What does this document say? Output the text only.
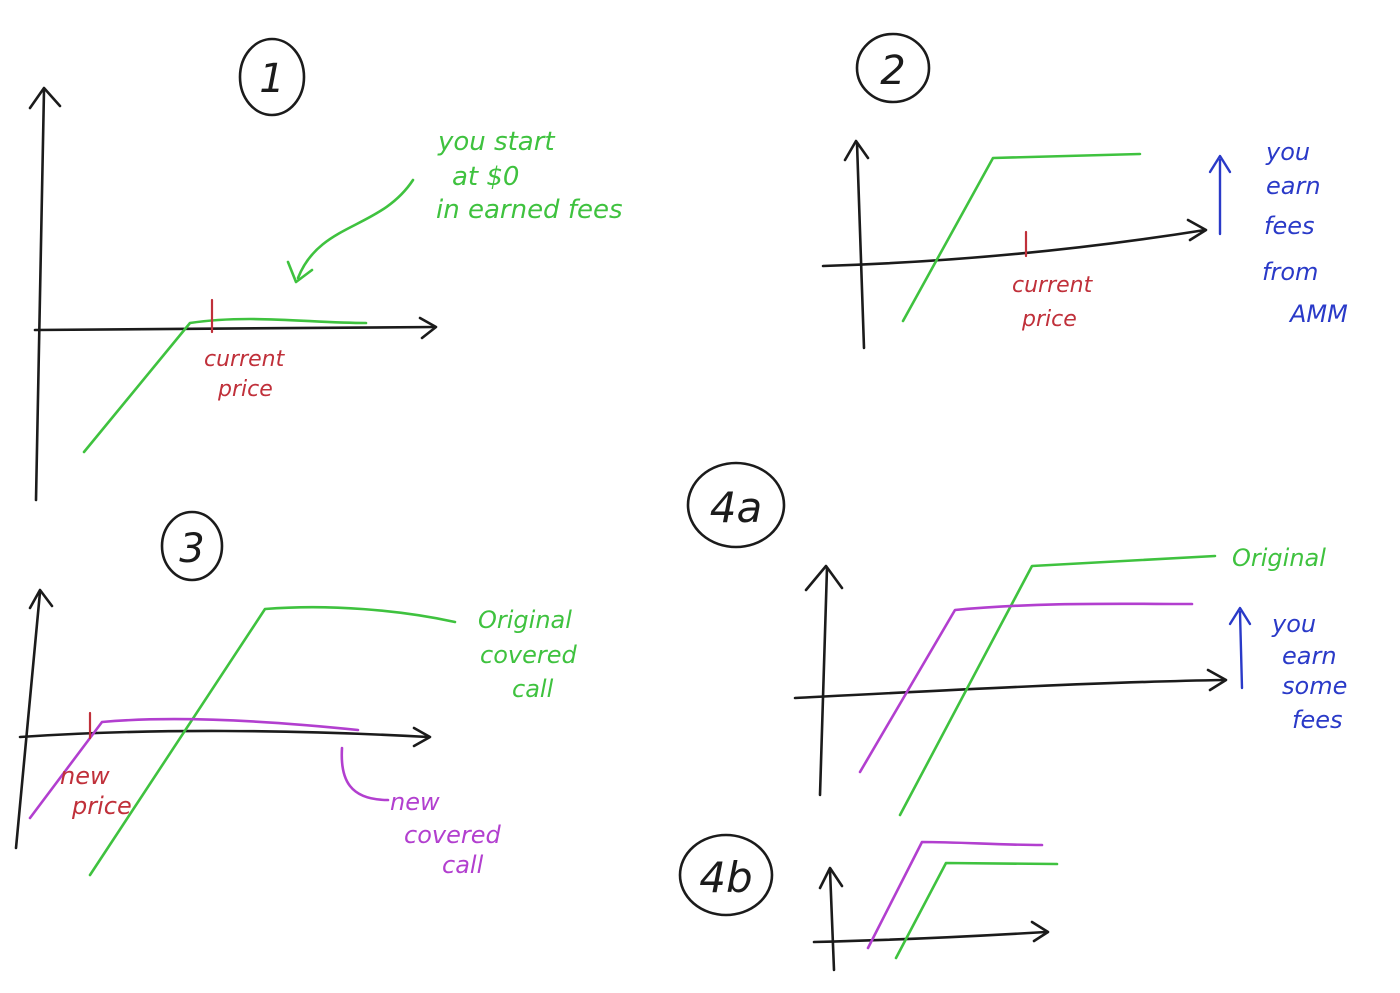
1
current
price
you start
at $0
in earned fees
2
current
price
you
earn
fees
from
AMM
3
new
price
Original
covered
call
new
covered
call
4a
Original
you
earn
some
fees
4b
